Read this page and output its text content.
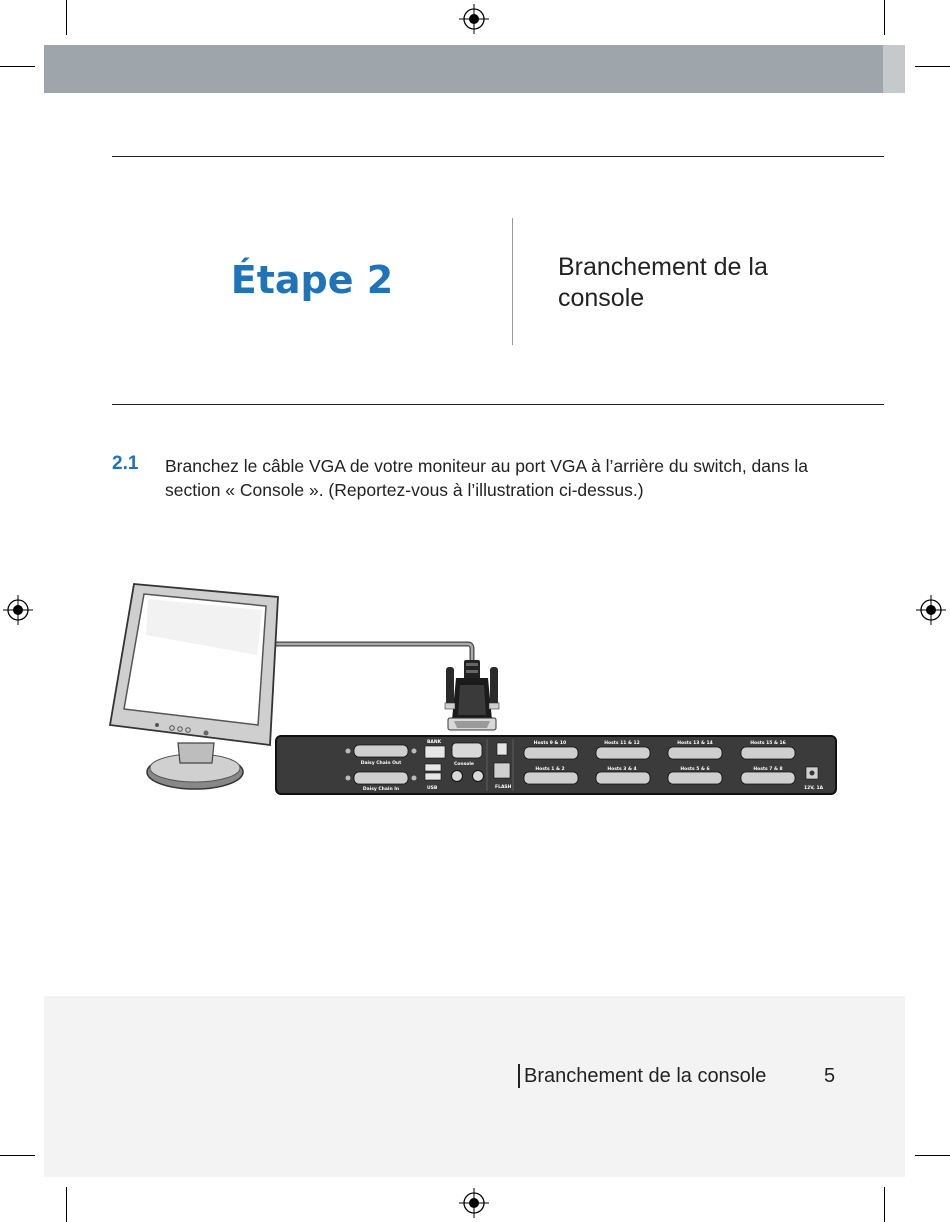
Étape 2	Branchement de la console
2.1 Branchez le câble VGA de votre moniteur au port VGA à l’arrière du switch, dans la section « Console ». (Reportez-vous à l’illustration ci-dessus.)
Daisy Chain Out
Daisy Chain In
BANK
USB
Console
FLASH
Hosts 9 & 10	Hosts 11 & 12	Hosts 13 & 14	Hosts 15 & 16
Hosts 1 & 2	Hosts 3 & 4	Hosts 5 & 6	Hosts 7 & 8
12V, 1A
Branchement de la console	5
